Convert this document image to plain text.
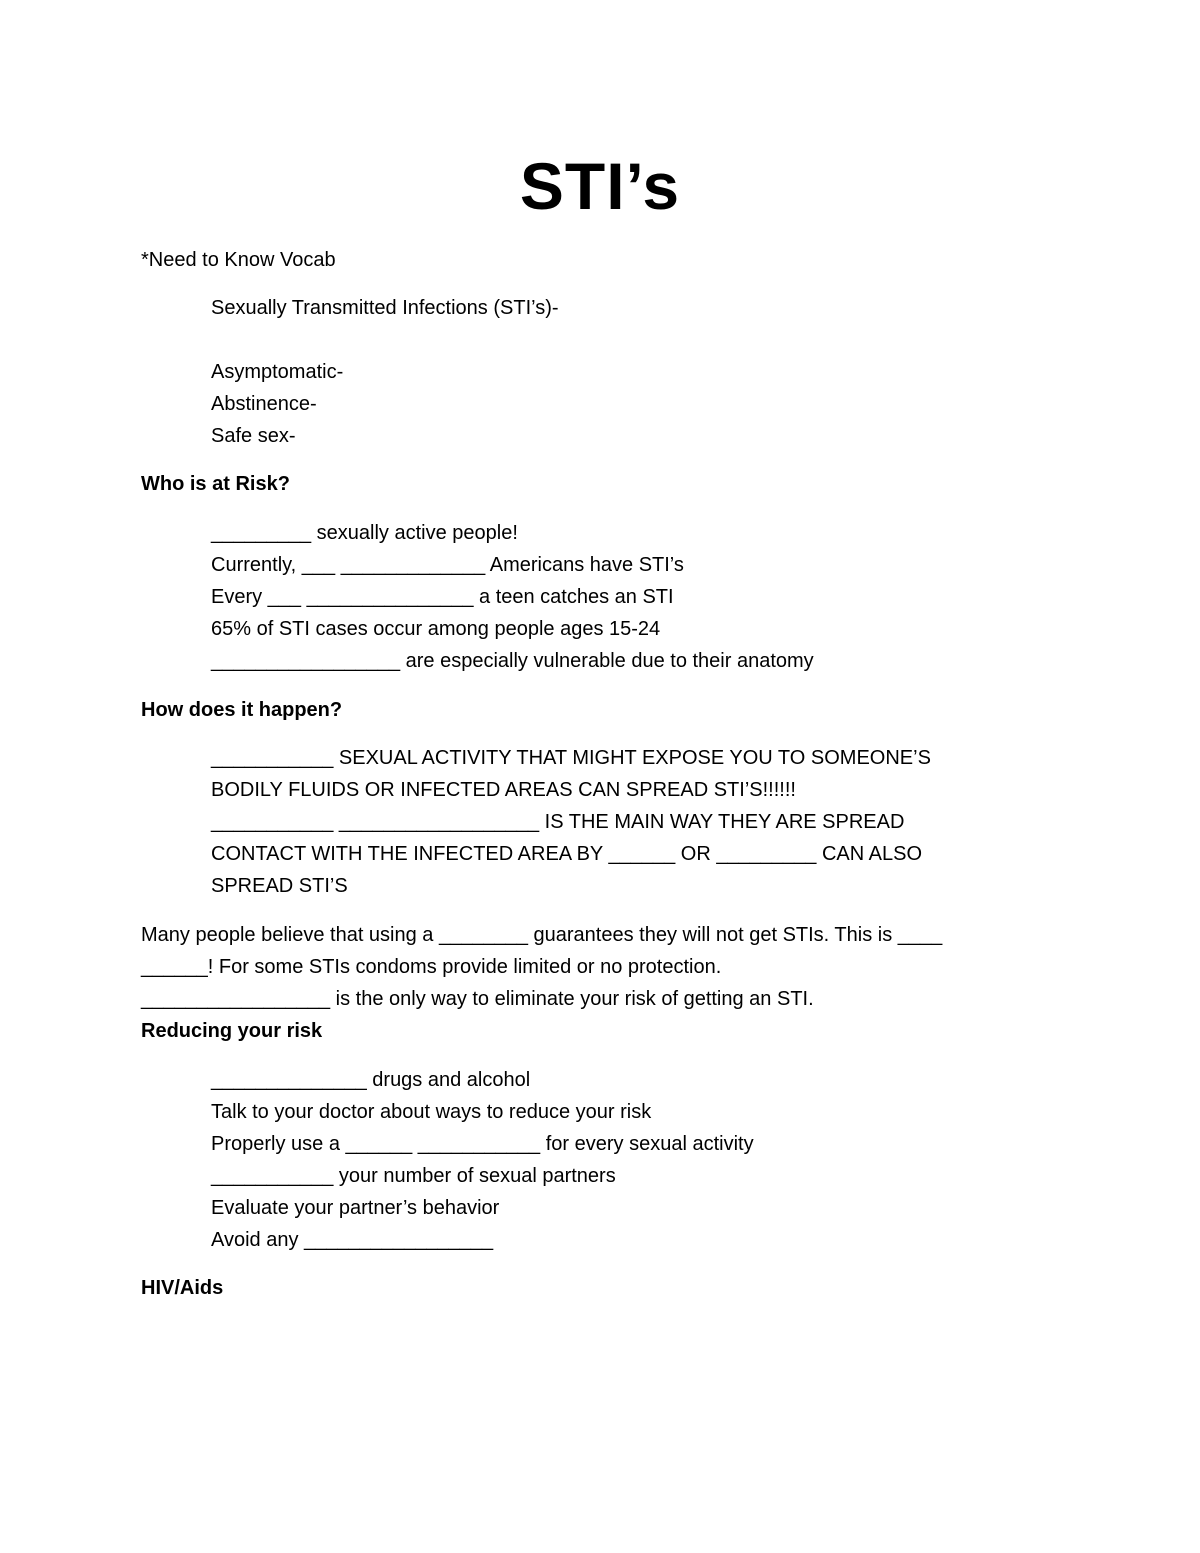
STI’s
*Need to Know Vocab
Sexually Transmitted Infections (STI’s)-
Asymptomatic-
Abstinence-
Safe sex-
Who is at Risk?
_________ sexually active people!
Currently, ___ _____________ Americans have STI’s
Every ___ _______________ a teen catches an STI
65% of STI cases occur among people ages 15-24
_________________ are especially vulnerable due to their anatomy
How does it happen?
___________ SEXUAL ACTIVITY THAT MIGHT EXPOSE YOU TO SOMEONE’S
BODILY FLUIDS OR INFECTED AREAS CAN SPREAD STI’S!!!!!!
___________ __________________ IS THE MAIN WAY THEY ARE SPREAD
CONTACT WITH THE INFECTED AREA BY ______ OR _________ CAN ALSO
SPREAD STI’S
Many people believe that using a ________ guarantees they will not get STIs. This is ____
______! For some STIs condoms provide limited or no protection.
_________________ is the only way to eliminate your risk of getting an STI.
Reducing your risk
______________ drugs and alcohol
Talk to your doctor about ways to reduce your risk
Properly use a ______ ___________ for every sexual activity
___________ your number of sexual partners
Evaluate your partner’s behavior
Avoid any _________________
HIV/Aids
